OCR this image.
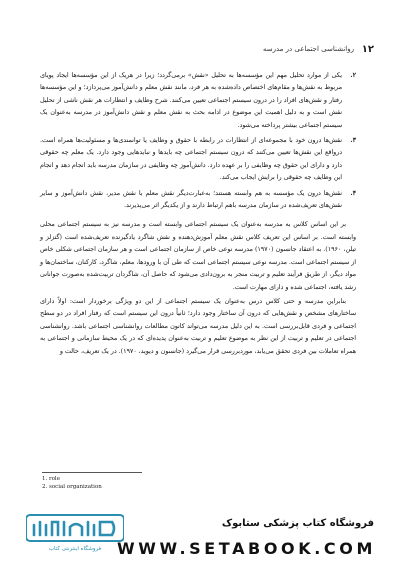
۱۲
روانشناسی اجتماعی در مدرسه
۲.
یکی از موارد تحلیل مهم این مؤسسه‌ها به تحلیل «نقش» برمی‌گردد؛ زیرا در هریک از این مؤسسه‌ها ایجاد پویای مربوط به نقش‌ها و مقام‌های اختصاص داده‌شده به هر فرد، مانند نقش معلم و دانش‌آموز می‌پردازد؛ و این مؤسسه‌ها رفتار و نقش‌های افراد را در درون سیستم اجتماعی تعیین می‌کنند. شرح وظایف و انتظارات هر نقش ناشی از تحلیل نقش است و به دلیل اهمیت این موضوع در ادامه بحث به نقش معلم و نقش دانش‌آموز در مدرسه به‌عنوان یک سیستم اجتماعی بیشتر پرداخته می‌شود.
۳.
نقش‌ها درون خود با مجموعه‌ای از انتظارات در رابطه با حقوق و وظایف یا توانمندی‌ها و مسئولیت‌ها همراه است. درواقع این نقش‌ها تعیین می‌کنند که درون سیستم اجتماعی چه بایدها و نبایدهایی وجود دارد. یک معلم چه حقوقی دارد و دارای این حقوق چه وظایفی را بر عهده دارد. دانش‌آموز چه وظایفی در سازمان مدرسه باید انجام دهد و انجام این وظایف چه حقوقی را برایش ایجاب می‌کند.
۴.
نقش‌ها درون یک مؤسسه به هم وابسته هستند؛ به‌عبارت‌دیگر نقش معلم با نقش مدیر، نقش دانش‌آموز و سایر نقش‌های تعریف‌شده در سازمان مدرسه باهم ارتباط دارند و از یکدیگر اثر می‌پذیرند.

بر این اساس کلاس به مدرسه به‌عنوان یک سیستم اجتماعی وابسته است و مدرسه نیز به سیستم اجتماعی محلی وابسته است. بر اساس این تعریف کلاس نقش معلم آموزش‌دهنده و نقش شاگرد یادگیرنده تعریف‌شده است (گتزلز و تیلن، ۱۹۶۰). به اعتقاد جانسون (۱۹۷۰) مدرسه نوعی خاص از سازمان اجتماعی است و هر سازمان اجتماعی شکلی خاص از سیستم اجتماعی است. مدرسه نوعی سیستم اجتماعی است که طی آن با ورودها، معلم، شاگرد، کارکنان، ساختمان‌ها و مواد دیگر، از طریق فرآیند تعلیم و تربیت منجر به برون‌دادی می‌شود که حاصل آن، شاگردان تربیت‌شده به‌صورت جوانانی رشد یافته، اجتماعی شده و دارای مهارت است.

بنابراین مدرسه و حتی کلاس درس به‌عنوان یک سیستم اجتماعی از این دو ویژگی برخوردار است: اولاً دارای ساختارهای مشخص و نقش‌هایی که درون آن ساختار وجود دارد؛ ثانیاً درون این سیستم است که رفتار افراد در دو سطح اجتماعی و فردی قابل‌بررسی است. به این دلیل مدرسه می‌تواند کانون مطالعات روانشناسی اجتماعی باشد. روانشناسی اجتماعی در تعلیم و تربیت از این نظر به موضوع تعلیم و تربیت به‌عنوان پدیده‌ای که در یک محیط سازمانی و اجتماعی به همراه تعاملات بین فردی تحقق می‌یابد، موردبررسی قرار می‌گیرد (جانسون و دیوید، ۱۹۷۰). در یک تعریف، حالت و

1. role
2. social organization
فروشگاه اینترنتی کتاب
فروشگاه کتاب پزشکی ستابوک
WWW.SETABOOK.COM
